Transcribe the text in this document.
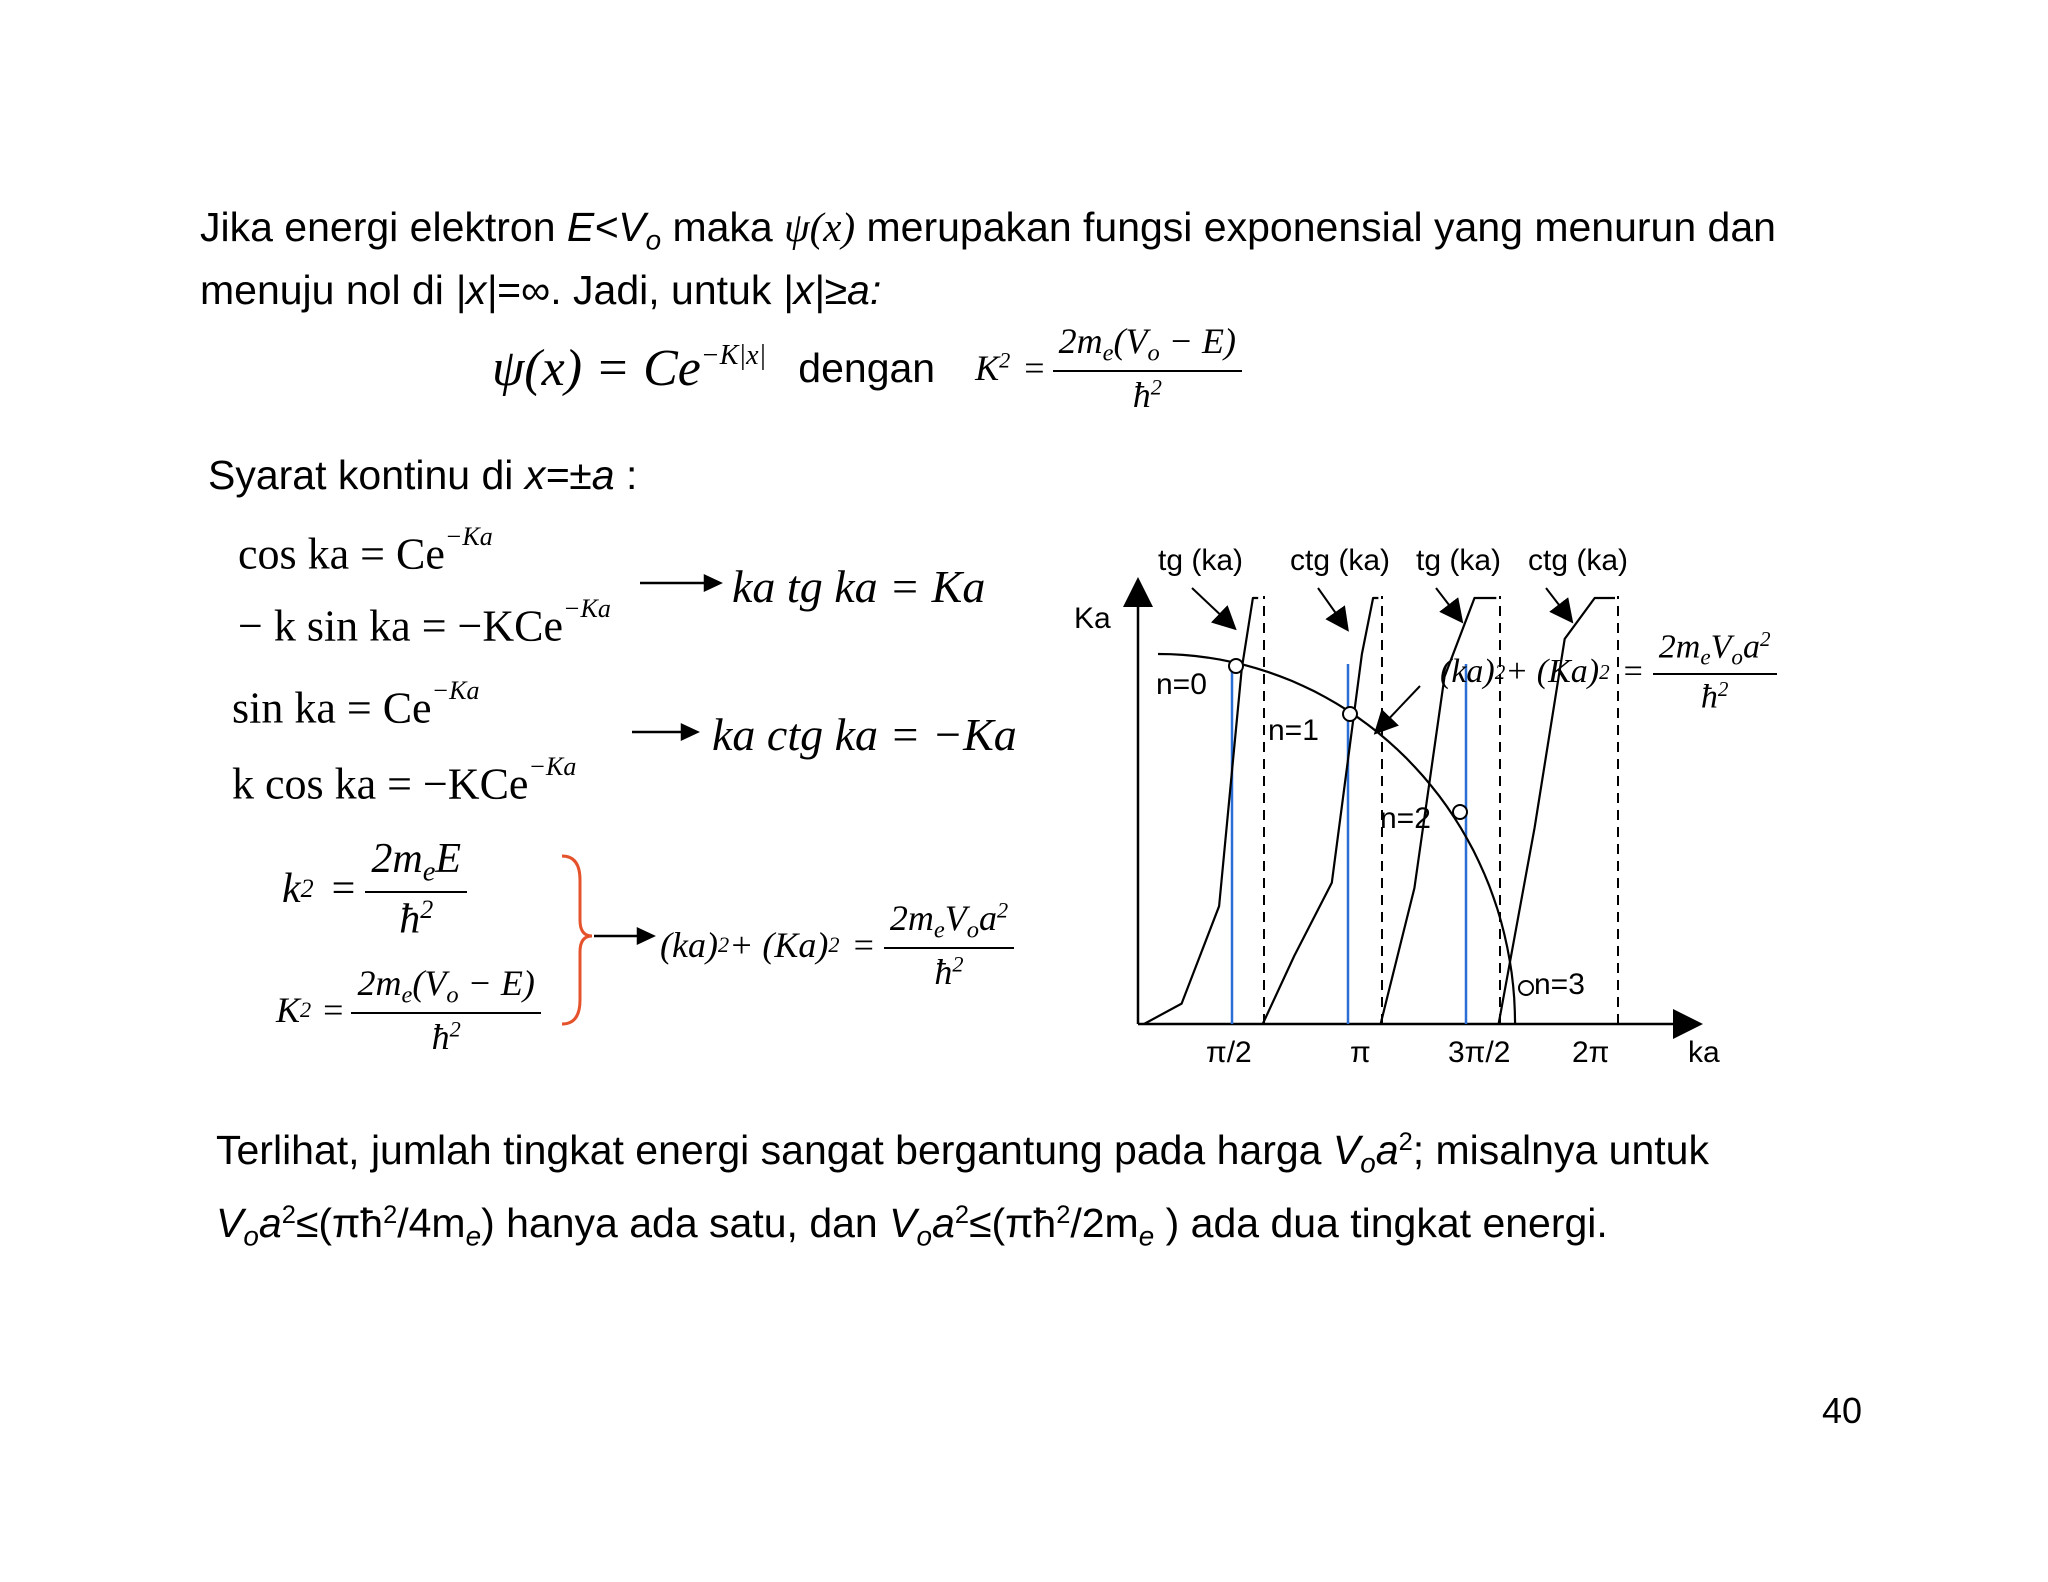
Jika energi elektron $E<V_o$ maka ψ(x) merupakan fungsi exponensial yang menurun dan
menuju nol di |x|=∞. Jadi, untuk |x|≥a:
ψ(x) = Ce −K|x| dengan $K^2 = \frac{2m_e(V_o - E)}{ħ^2}$
Syarat kontinu di x=±a :
cos ka = $Ce^{-Ka}$
− k sin ka = −KCe$^{-Ka}$	ka tg ka = Ka
sin ka = $Ce^{-Ka}$
k cos ka = −KCe$^{-Ka}$
ka ctg ka = −Ka
k $2 = \frac{2m_eE}{ħ^2}$
K $2 = \frac{2m_e(V_o - E)}{ħ^2}$
(ka) 2 + (Ka) $2 = \frac{2m_eV_oa^2}{ħ^2}$
tg (ka) ctg (ka) tg (ka) ctg (ka)
Ka
ka
π/2	π	3π/2 2π
n=0
n=1
n=2
n=3
(ka) 2 + (Ka) $2 = \frac{2m_eV_oa^2}{ħ^2}$
Terlihat, jumlah tingkat energi sangat bergantung pada harga $V_oa^2$; misalnya untuk
$V_oa^2\le(\pi ħ^2/4m_e)$ hanya ada satu, dan $V_oa^2\le(\pi ħ^2/2m_e$ ) ada dua tingkat energi.
40
